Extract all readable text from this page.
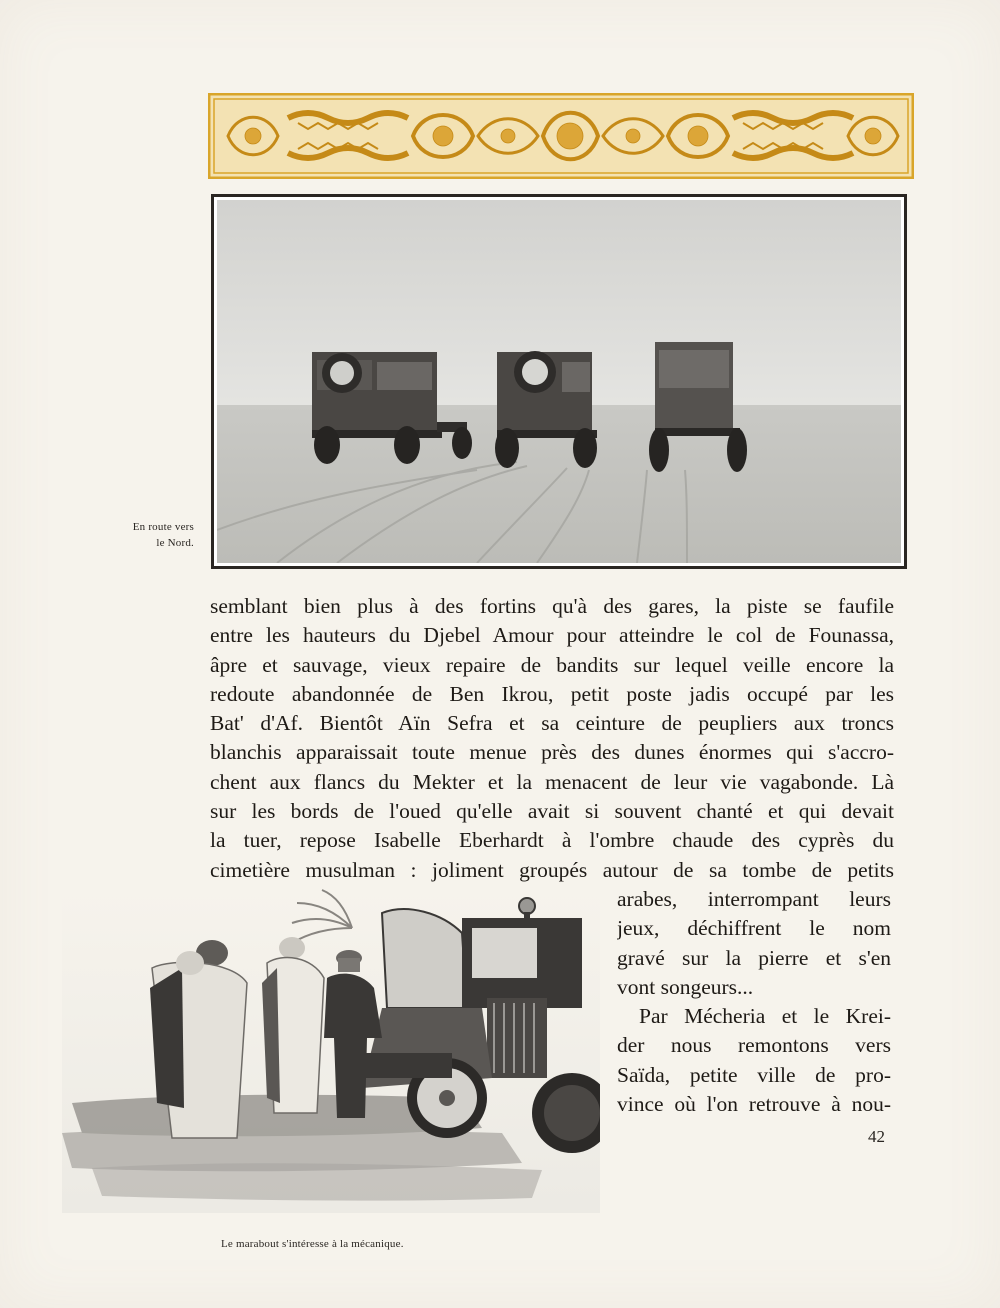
En route vers
le Nord.
semblant bien plus à des fortins qu'à des gares, la piste se faufile
entre les hauteurs du Djebel Amour pour atteindre le col de Founassa,
âpre et sauvage, vieux repaire de bandits sur lequel veille encore la
redoute abandonnée de Ben Ikrou, petit poste jadis occupé par les
Bat' d'Af. Bientôt Aïn Sefra et sa ceinture de peupliers aux troncs
blanchis apparaissait toute menue près des dunes énormes qui s'accro-
chent aux flancs du Mekter et la menacent de leur vie vagabonde. Là
sur les bords de l'oued qu'elle avait si souvent chanté et qui devait
la tuer, repose Isabelle Eberhardt à l'ombre chaude des cyprès du
cimetière musulman : joliment groupés autour de sa tombe de petits
arabes, interrompant leurs
jeux, déchiffrent le nom
gravé sur la pierre et s'en
vont songeurs...
Par Mécheria et le Krei-
der nous remontons vers
Saïda, petite ville de pro-
vince où l'on retrouve à nou-
42
Le marabout s'intéresse à la mécanique.
